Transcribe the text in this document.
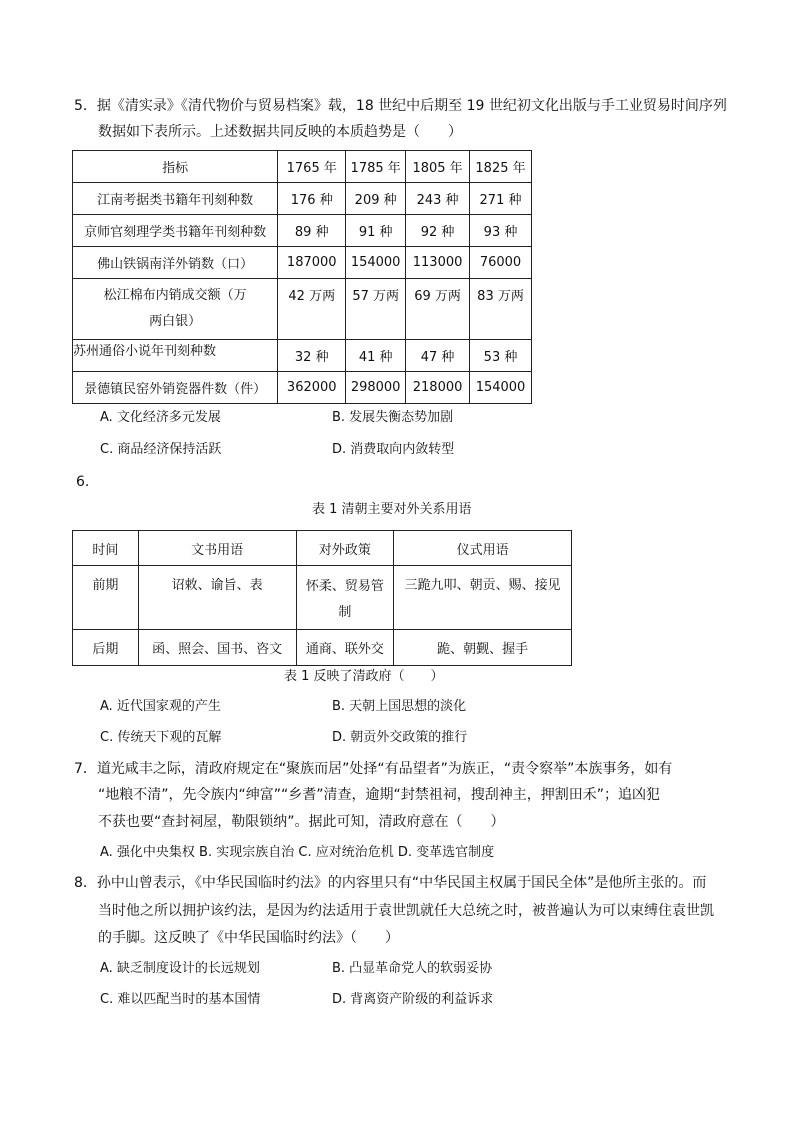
5．据《清实录》《清代物价与贸易档案》载，18 世纪中后期至 19 世纪初文化出版与手工业贸易时间序列
数据如下表所示。上述数据共同反映的本质趋势是（　　）
指标	1765 年	1785 年	1805 年	1825 年
江南考据类书籍年刊刻种数	176 种	209 种	243 种	271 种
京师官刻理学类书籍年刊刻种数	89 种	91 种	92 种	93 种
佛山铁锅南洋外销数（口）	187000	154000	113000	76000
松江棉布内销成交额（万两白银）	42 万两	57 万两	69 万两	83 万两
苏州通俗小说年刊刻种数	32 种	41 种	47 种	53 种
景德镇民窑外销瓷器件数（件）	362000	298000	218000	154000
A. 文化经济多元发展	B. 发展失衡态势加剧
C. 商品经济保持活跃	D. 消费取向内敛转型
6.
表 1 清朝主要对外关系用语
时间	文书用语	对外政策	仪式用语
前期	诏敕、谕旨、表	怀柔、贸易管制	三跪九叩、朝贡、赐、接见
后期	函、照会、国书、咨文	通商、联外交	跪、朝觐、握手
表 1 反映了清政府（　　）
A. 近代国家观的产生	B. 天朝上国思想的淡化
C. 传统天下观的瓦解	D. 朝贡外交政策的推行
7．道光咸丰之际，清政府规定在“聚族而居”处择“有品望者”为族正，“责令察举”本族事务，如有
“地粮不清”，先令族内“绅富”“乡耆”清查，逾期“封禁祖祠，搜刮神主，押割田禾”；追凶犯
不获也要“查封祠屋，勒限锁纳”。据此可知，清政府意在（　　）
A. 强化中央集权 B. 实现宗族自治 C. 应对统治危机 D. 变革选官制度
8．孙中山曾表示，《中华民国临时约法》的内容里只有“中华民国主权属于国民全体”是他所主张的。而
当时他之所以拥护该约法，是因为约法适用于袁世凯就任大总统之时，被普遍认为可以束缚住袁世凯
的手脚。这反映了《中华民国临时约法》（　　）
A. 缺乏制度设计的长远规划	B. 凸显革命党人的软弱妥协
C. 难以匹配当时的基本国情	D. 背离资产阶级的利益诉求
